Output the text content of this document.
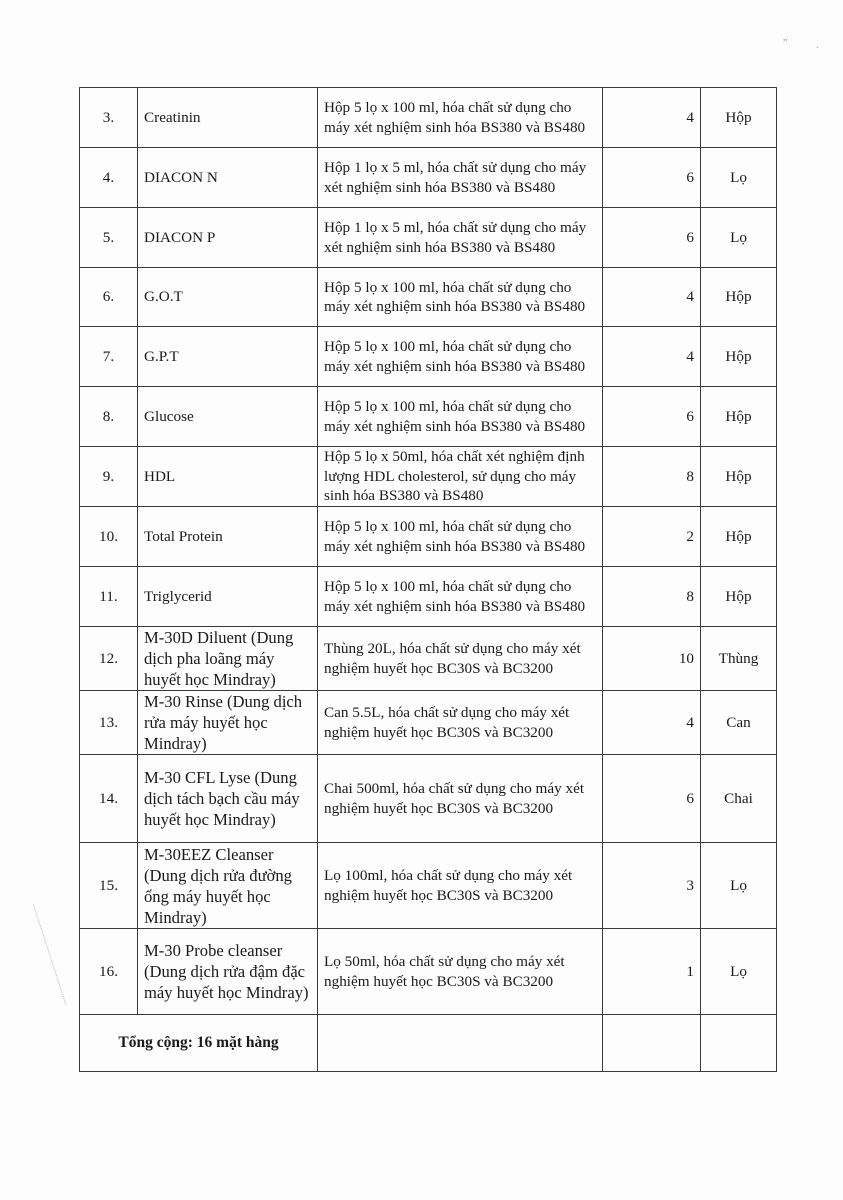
„
.
3.	Creatinin	Hộp 5 lọ x 100 ml, hóa chất sử dụng cho máy xét nghiệm sinh hóa BS380 và BS480	4	Hộp
4.	DIACON N	Hộp 1 lọ x 5 ml, hóa chất sử dụng cho máy xét nghiệm sinh hóa BS380 và BS480	6	Lọ
5.	DIACON P	Hộp 1 lọ x 5 ml, hóa chất sử dụng cho máy xét nghiệm sinh hóa BS380 và BS480	6	Lọ
6.	G.O.T	Hộp 5 lọ x 100 ml, hóa chất sử dụng cho máy xét nghiệm sinh hóa BS380 và BS480	4	Hộp
7.	G.P.T	Hộp 5 lọ x 100 ml, hóa chất sử dụng cho máy xét nghiệm sinh hóa BS380 và BS480	4	Hộp
8.	Glucose	Hộp 5 lọ x 100 ml, hóa chất sử dụng cho máy xét nghiệm sinh hóa BS380 và BS480	6	Hộp
9.	HDL	Hộp 5 lọ x 50ml, hóa chất xét nghiệm định lượng HDL cholesterol, sử dụng cho máy sinh hóa BS380 và BS480	8	Hộp
10.	Total Protein	Hộp 5 lọ x 100 ml, hóa chất sử dụng cho máy xét nghiệm sinh hóa BS380 và BS480	2	Hộp
11.	Triglycerid	Hộp 5 lọ x 100 ml, hóa chất sử dụng cho máy xét nghiệm sinh hóa BS380 và BS480	8	Hộp
12.	M-30D Diluent (Dung dịch pha loãng máy huyết học Mindray)	Thùng 20L, hóa chất sử dụng cho máy xét nghiệm huyết học BC30S và BC3200	10	Thùng
13.	M-30 Rinse (Dung dịch rửa máy huyết học Mindray)	Can 5.5L, hóa chất sử dụng cho máy xét nghiệm huyết học BC30S và BC3200	4	Can
14.	M-30 CFL Lyse (Dung dịch tách bạch cầu máy huyết học Mindray)	Chai 500ml, hóa chất sử dụng cho máy xét nghiệm huyết học BC30S và BC3200	6	Chai
15.	M-30EEZ Cleanser (Dung dịch rửa đường ống máy huyết học Mindray)	Lọ 100ml, hóa chất sử dụng cho máy xét nghiệm huyết học BC30S và BC3200	3	Lọ
16.	M-30 Probe cleanser (Dung dịch rửa đậm đặc máy huyết học Mindray)	Lọ 50ml, hóa chất sử dụng cho máy xét nghiệm huyết học BC30S và BC3200	1	Lọ
Tổng cộng: 16 mặt hàng				
